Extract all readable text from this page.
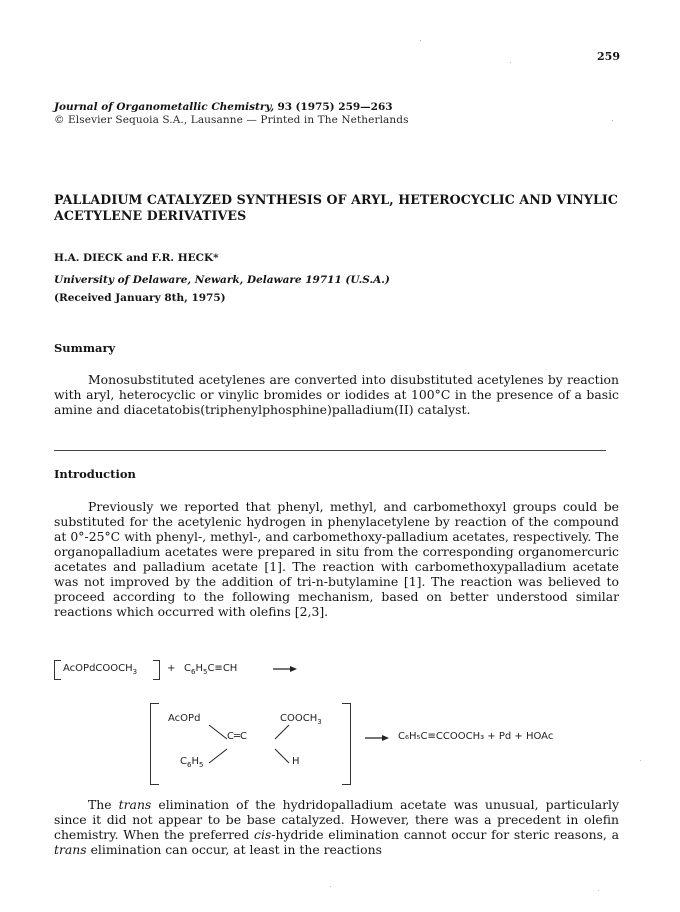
259
Journal of Organometallic Chemistry, 93 (1975) 259—263
© Elsevier Sequoia S.A., Lausanne — Printed in The Netherlands
PALLADIUM CATALYZED SYNTHESIS OF ARYL, HETEROCYCLIC AND VINYLIC ACETYLENE DERIVATIVES
H.A. DIECK and F.R. HECK*
University of Delaware, Newark, Delaware 19711 (U.S.A.)
(Received January 8th, 1975)
Summary

Monosubstituted acetylenes are converted into disubstituted acetylenes by reaction with aryl, heterocyclic or vinylic bromides or iodides at 100°C in the presence of a basic amine and diacetatobis(triphenylphosphine)palladium(II) catalyst.

Introduction

Previously we reported that phenyl, methyl, and carbomethoxyl groups could be substituted for the acetylenic hydrogen in phenylacetylene by reaction of the compound at 0°-25°C with phenyl-, methyl-, and carbomethoxy-palladium acetates, respectively. The organopalladium acetates were prepared in situ from the corresponding organomercuric acetates and palladium acetate [1]. The reaction with carbomethoxypalladium acetate was not improved by the addition of tri-n-butylamine [1]. The reaction was believed to proceed according to the following mechanism, based on better understood similar reactions which occurred with olefins [2,3].

AcOPdCOOCH$_3$	+ $C_6H_5C\equiv CH$
AcOPd	$COOCH_3$
C═C
$C_6H_5$	H
→ C₆H₅C≡CCOOCH₃ + Pd + HOAc

The trans elimination of the hydridopalladium acetate was unusual, particularly since it did not appear to be base catalyzed. However, there was a precedent in olefin chemistry. When the preferred cis-hydride elimination cannot occur for steric reasons, a trans elimination can occur, at least in the reactions
